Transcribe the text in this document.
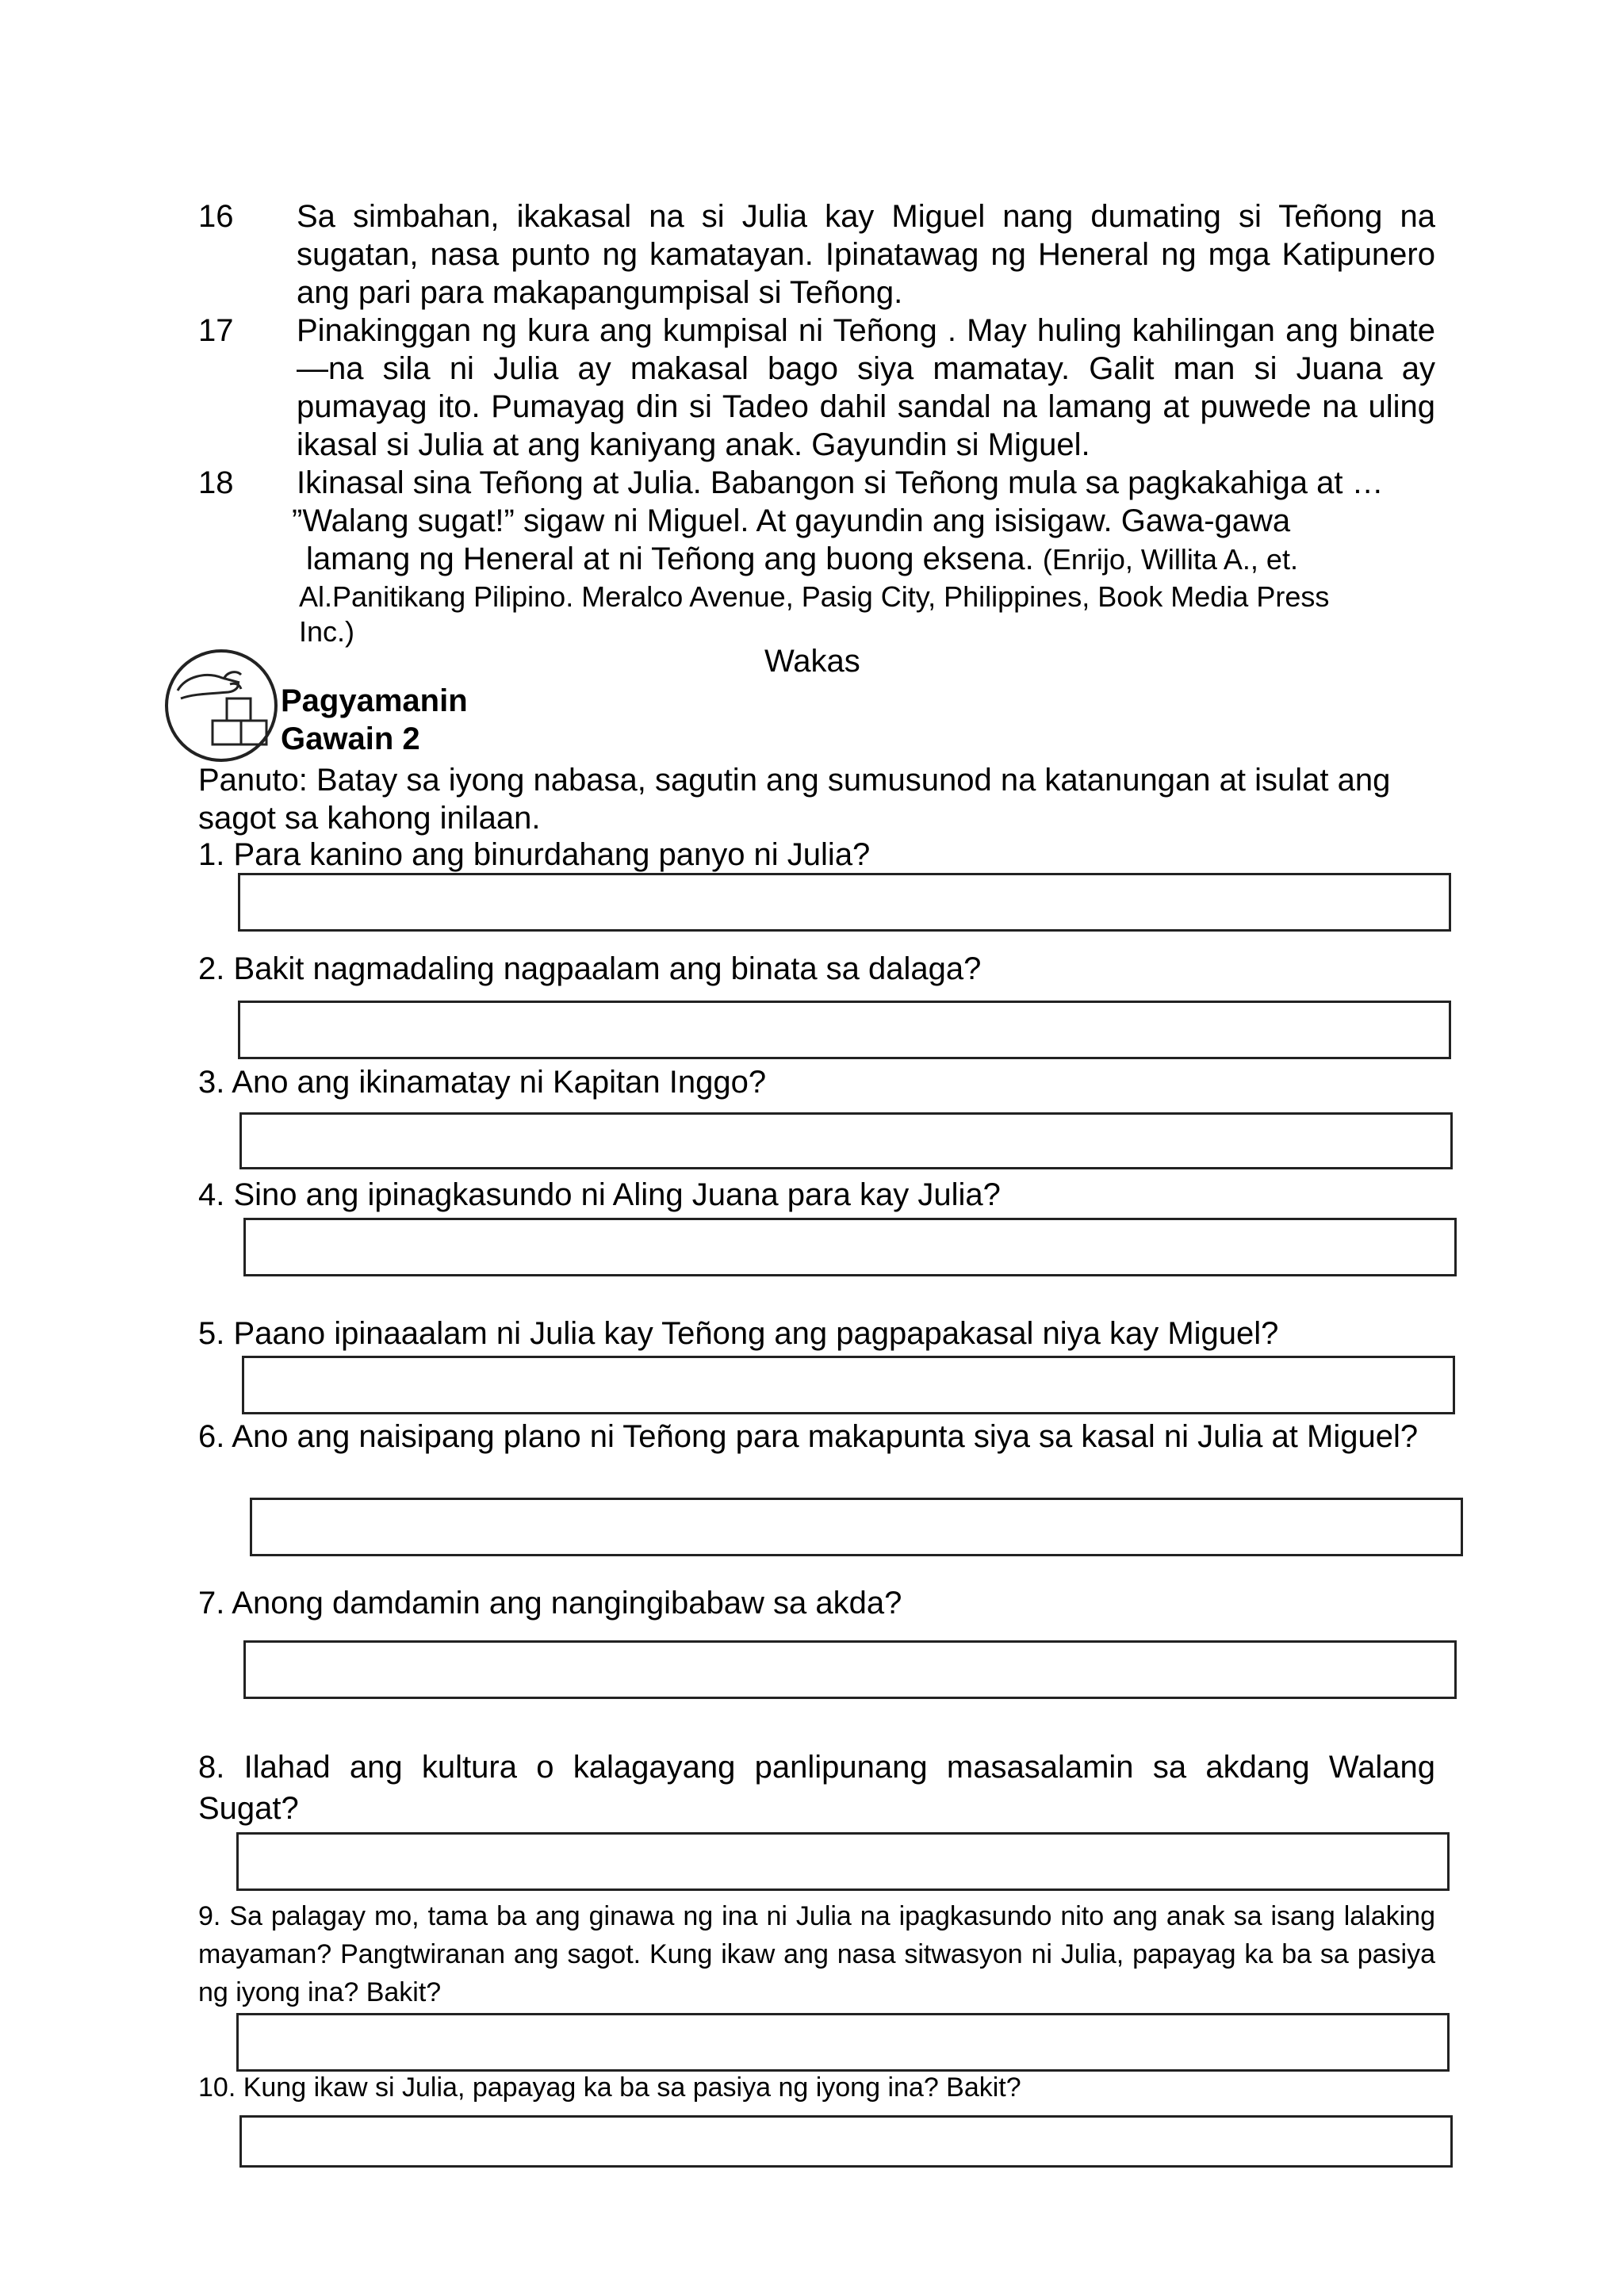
16 Sa simbahan, ikakasal na si Julia kay Miguel nang dumating si Teñong na sugatan, nasa punto ng kamatayan. Ipinatawag ng Heneral ng mga Katipunero ang pari para makapangumpisal si Teñong.
17 Pinakinggan ng kura ang kumpisal ni Teñong . May huling kahilingan ang binate—na sila ni Julia ay makasal bago siya mamatay. Galit man si Juana ay pumayag ito. Pumayag din si Tadeo dahil sandal na lamang at puwede na uling ikasal si Julia at ang kaniyang anak. Gayundin si Miguel.
18 Ikinasal sina Teñong at Julia. Babangon si Teñong mula sa pagkakahiga at …
”Walang sugat!” sigaw ni Miguel. At gayundin ang isisigaw. Gawa-gawa
lamang ng Heneral at ni Teñong ang buong eksena. (Enrijo, Willita A., et.
Al.Panitikang Pilipino. Meralco Avenue, Pasig City, Philippines, Book Media Press
Inc.)
Wakas
Pagyamanin
Gawain 2
Panuto: Batay sa iyong nabasa, sagutin ang sumusunod na katanungan at isulat ang sagot sa kahong inilaan.
1. Para kanino ang binurdahang panyo ni Julia?
2. Bakit nagmadaling nagpaalam ang binata sa dalaga?
3. Ano ang ikinamatay ni Kapitan Inggo?
4. Sino ang ipinagkasundo ni Aling Juana para kay Julia?
5. Paano ipinaaalam ni Julia kay Teñong ang pagpapakasal niya kay Miguel?
6. Ano ang naisipang plano ni Teñong para makapunta siya sa kasal ni Julia at Miguel?
7. Anong damdamin ang nangingibabaw sa akda?
8. Ilahad ang kultura o kalagayang panlipunang masasalamin sa akdang Walang Sugat?
9. Sa palagay mo, tama ba ang ginawa ng ina ni Julia na ipagkasundo nito ang anak sa isang lalaking mayaman? Pangtwiranan ang sagot. Kung ikaw ang nasa sitwasyon ni Julia, papayag ka ba sa pasiya ng iyong ina? Bakit?
10. Kung ikaw si Julia, papayag ka ba sa pasiya ng iyong ina? Bakit?
